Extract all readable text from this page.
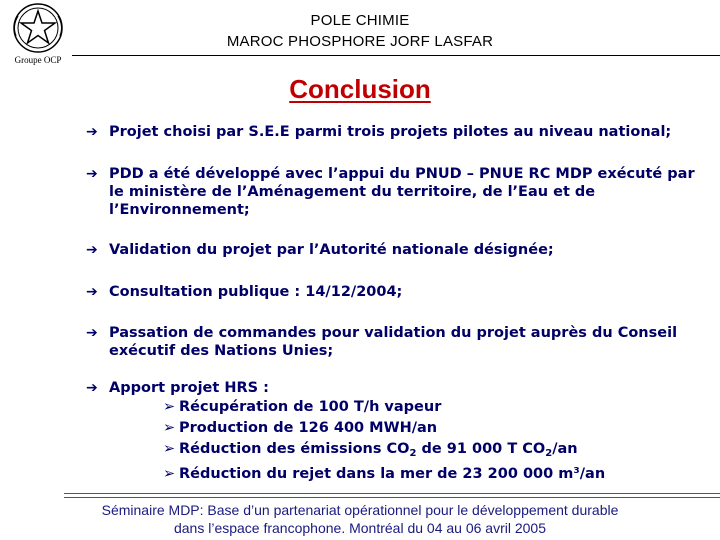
Groupe OCP
POLE CHIMIE
MAROC PHOSPHORE JORF LASFAR
Conclusion
➔ Projet choisi par S.E.E parmi trois projets pilotes au niveau national;
➔ PDD a été développé avec l’appui du PNUD – PNUE RC MDP exécuté par le ministère de l’Aménagement du territoire, de l’Eau et de l’Environnement;
➔ Validation du projet par l’Autorité nationale désignée;
➔ Consultation publique : 14/12/2004;
➔ Passation de commandes pour validation du projet auprès du Conseil exécutif des Nations Unies;
➔ Apport projet HRS :
➢ Récupération de 100 T/h vapeur
➢ Production de 126 400 MWH/an
➢ Réduction des émissions $CO_2$ de 91 000 T $CO_2/an$
➢ Réduction du rejet dans la mer de 23 200 000 m³/an
Séminaire MDP: Base d’un partenariat opérationnel pour le développement durable
dans l’espace francophone. Montréal du 04 au 06 avril 2005
